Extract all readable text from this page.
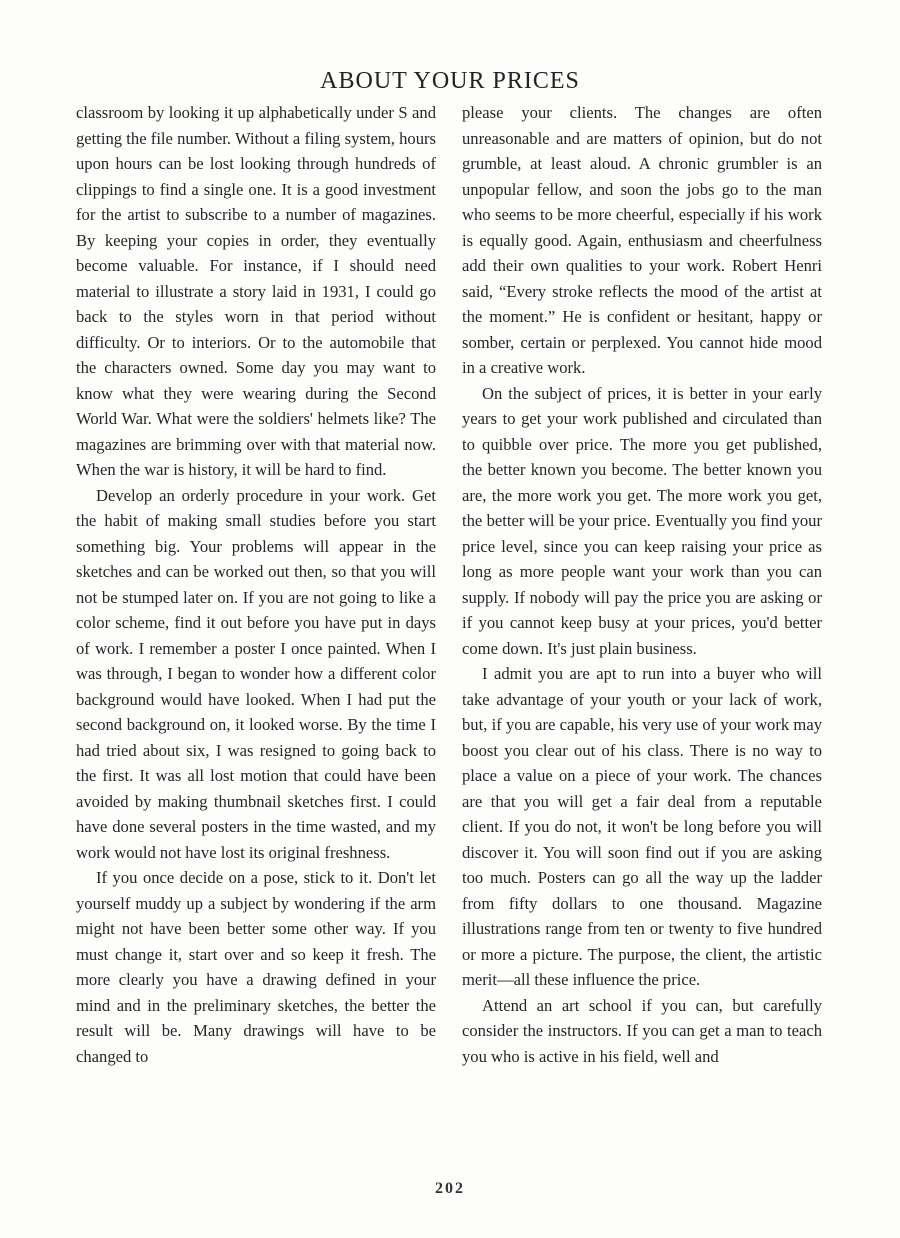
ABOUT YOUR PRICES

classroom by looking it up alphabetically under S and getting the file number. Without a filing system, hours upon hours can be lost looking through hundreds of clippings to find a single one. It is a good investment for the artist to subscribe to a number of magazines. By keeping your copies in order, they eventually become valuable. For instance, if I should need material to illustrate a story laid in 1931, I could go back to the styles worn in that period without difficulty. Or to interiors. Or to the automobile that the characters owned. Some day you may want to know what they were wearing during the Second World War. What were the soldiers' helmets like? The magazines are brimming over with that material now. When the war is history, it will be hard to find.

Develop an orderly procedure in your work. Get the habit of making small studies before you start something big. Your problems will appear in the sketches and can be worked out then, so that you will not be stumped later on. If you are not going to like a color scheme, find it out before you have put in days of work. I remember a poster I once painted. When I was through, I began to wonder how a different color background would have looked. When I had put the second background on, it looked worse. By the time I had tried about six, I was resigned to going back to the first. It was all lost motion that could have been avoided by making thumbnail sketches first. I could have done several posters in the time wasted, and my work would not have lost its original freshness.

If you once decide on a pose, stick to it. Don't let yourself muddy up a subject by wondering if the arm might not have been better some other way. If you must change it, start over and so keep it fresh. The more clearly you have a drawing defined in your mind and in the preliminary sketches, the better the result will be. Many drawings will have to be changed to

please your clients. The changes are often unreasonable and are matters of opinion, but do not grumble, at least aloud. A chronic grumbler is an unpopular fellow, and soon the jobs go to the man who seems to be more cheerful, especially if his work is equally good. Again, enthusiasm and cheerfulness add their own qualities to your work. Robert Henri said, “Every stroke reflects the mood of the artist at the moment.” He is confident or hesitant, happy or somber, certain or perplexed. You cannot hide mood in a creative work.

On the subject of prices, it is better in your early years to get your work published and circulated than to quibble over price. The more you get published, the better known you become. The better known you are, the more work you get. The more work you get, the better will be your price. Eventually you find your price level, since you can keep raising your price as long as more people want your work than you can supply. If nobody will pay the price you are asking or if you cannot keep busy at your prices, you'd better come down. It's just plain business.

I admit you are apt to run into a buyer who will take advantage of your youth or your lack of work, but, if you are capable, his very use of your work may boost you clear out of his class. There is no way to place a value on a piece of your work. The chances are that you will get a fair deal from a reputable client. If you do not, it won't be long before you will discover it. You will soon find out if you are asking too much. Posters can go all the way up the ladder from fifty dollars to one thousand. Magazine illustrations range from ten or twenty to five hundred or more a picture. The purpose, the client, the artistic merit—all these influence the price.

Attend an art school if you can, but carefully consider the instructors. If you can get a man to teach you who is active in his field, well and

202
